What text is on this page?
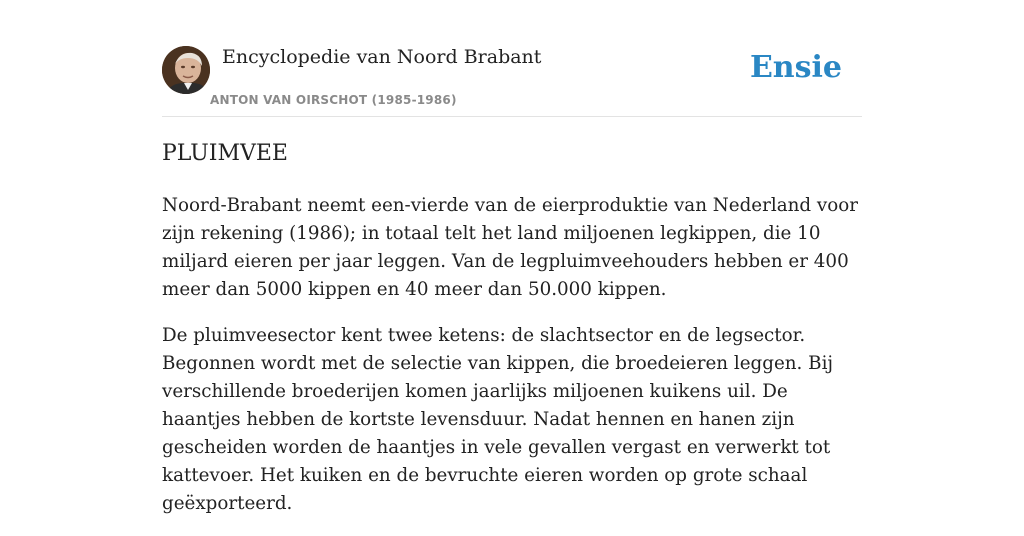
Encyclopedie van Noord Brabant
ANTON VAN OIRSCHOT (1985-1986)
Ensie
PLUIMVEE

Noord-Brabant neemt een-vierde van de eierproduktie van Nederland voor zijn rekening (1986); in totaal telt het land miljoenen legkippen, die 10 miljard eieren per jaar leggen. Van de legpluimveehouders hebben er 400 meer dan 5000 kippen en 40 meer dan 50.000 kippen.

De pluimveesector kent twee ketens: de slachtsector en de legsector. Begonnen wordt met de selectie van kippen, die broedeieren leggen. Bij verschillende broederijen komen jaarlijks miljoenen kuikens uil. De haantjes hebben de kortste levensduur. Nadat hennen en hanen zijn gescheiden worden de haantjes in vele gevallen vergast en verwerkt tot kattevoer. Het kuiken en de bevruchte eieren worden op grote schaal geëxporteerd.
